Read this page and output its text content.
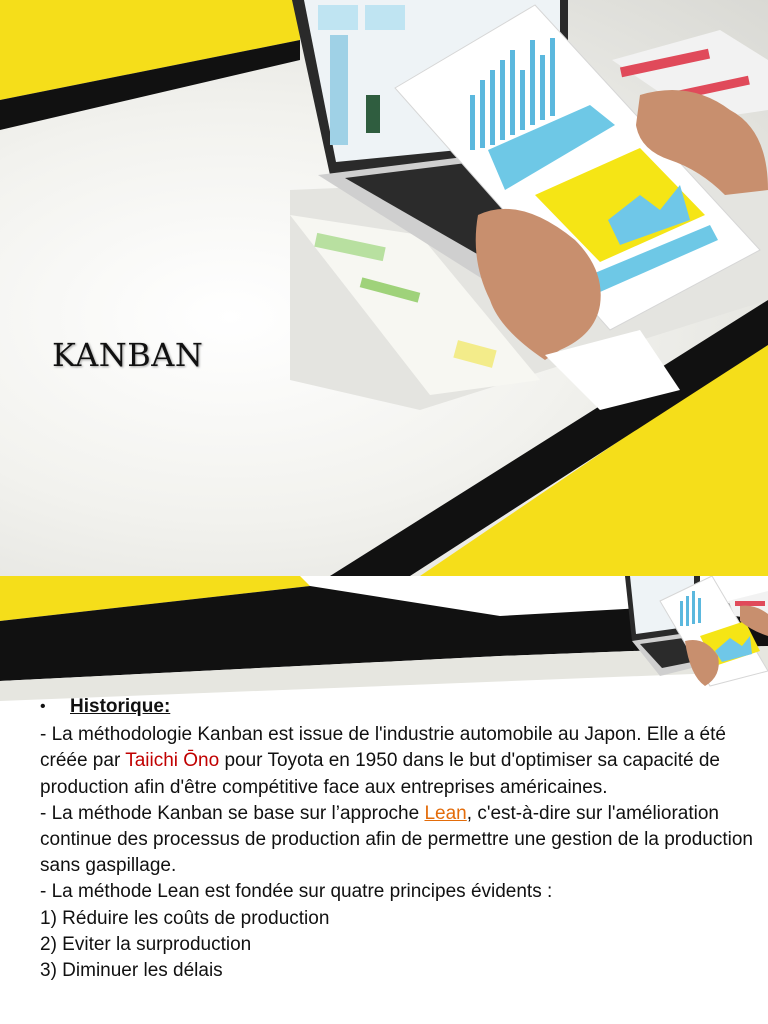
KANBAN
• Historique:

- La méthodologie Kanban est issue de l'industrie automobile au Japon. Elle a été créée par Taiichi Ōno pour Toyota en 1950 dans le but d'optimiser sa capacité de production afin d'être compétitive face aux entreprises américaines.

- La méthode Kanban se base sur l’approche Lean, c'est-à-dire sur l'amélioration continue des processus de production afin de permettre une gestion de la production sans gaspillage.

- La méthode Lean est fondée sur quatre principes évidents :

1) Réduire les coûts de production

2) Eviter la surproduction

3) Diminuer les délais
